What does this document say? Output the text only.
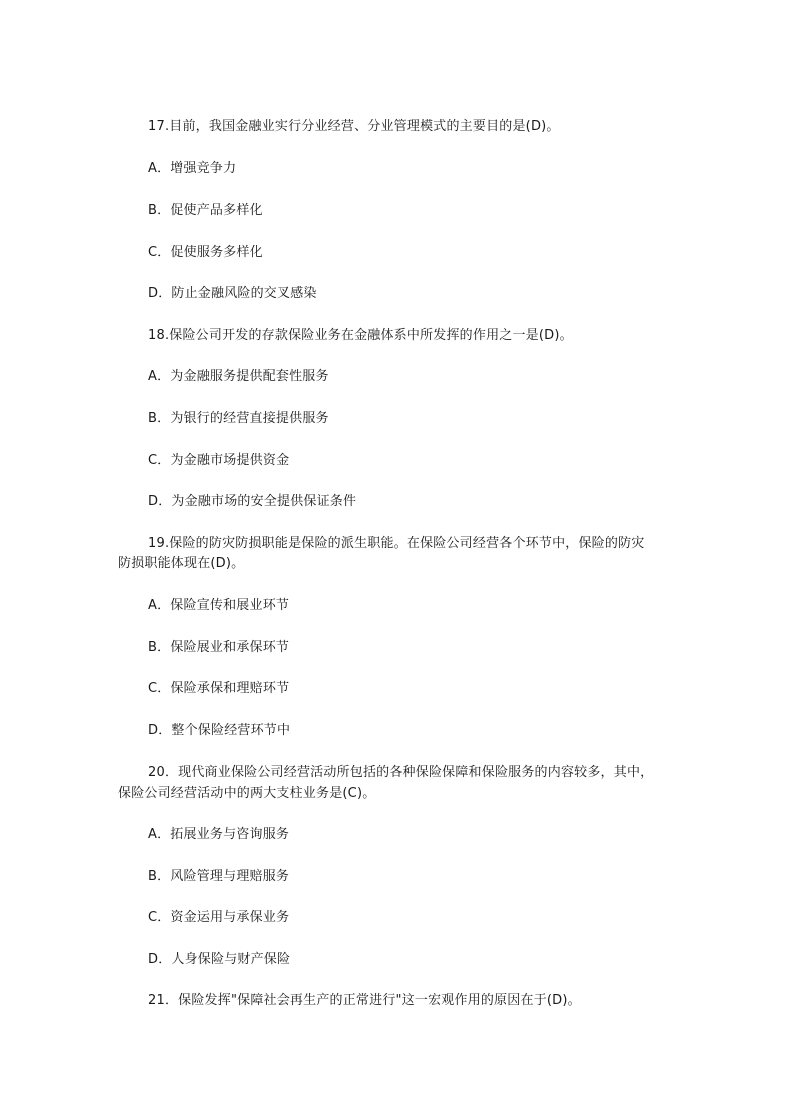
17.目前，我国金融业实行分业经营、分业管理模式的主要目的是(D)。
A．增强竞争力
B．促使产品多样化
C．促使服务多样化
D．防止金融风险的交叉感染
18.保险公司开发的存款保险业务在金融体系中所发挥的作用之一是(D)。
A．为金融服务提供配套性服务
B．为银行的经营直接提供服务
C．为金融市场提供资金
D．为金融市场的安全提供保证条件
19.保险的防灾防损职能是保险的派生职能。在保险公司经营各个环节中，保险的防灾
防损职能体现在(D)。
A．保险宣传和展业环节
B．保险展业和承保环节
C．保险承保和理赔环节
D．整个保险经营环节中
20．现代商业保险公司经营活动所包括的各种保险保障和保险服务的内容较多，其中，
保险公司经营活动中的两大支柱业务是(C)。
A．拓展业务与咨询服务
B．风险管理与理赔服务
C．资金运用与承保业务
D．人身保险与财产保险
21．保险发挥"保障社会再生产的正常进行"这一宏观作用的原因在于(D)。
